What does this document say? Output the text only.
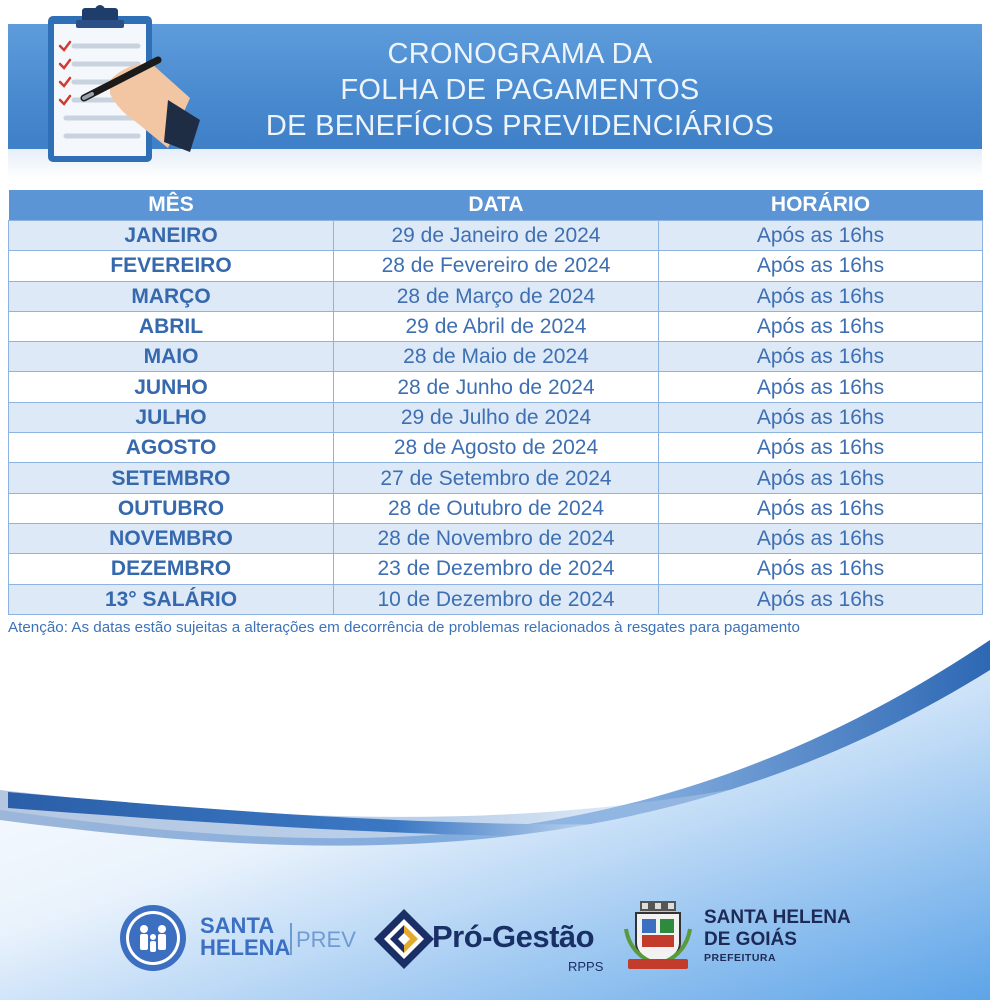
CRONOGRAMA DA
FOLHA DE PAGAMENTOS
DE BENEFÍCIOS PREVIDENCIÁRIOS
MÊS	DATA	HORÁRIO
JANEIRO	29 de Janeiro de 2024	Após as 16hs
FEVEREIRO	28 de Fevereiro de 2024	Após as 16hs
MARÇO	28 de Março de 2024	Após as 16hs
ABRIL	29 de Abril de 2024	Após as 16hs
MAIO	28 de Maio de 2024	Após as 16hs
JUNHO	28 de Junho de 2024	Após as 16hs
JULHO	29 de Julho de 2024	Após as 16hs
AGOSTO	28 de Agosto de 2024	Após as 16hs
SETEMBRO	27 de Setembro de 2024	Após as 16hs
OUTUBRO	28 de Outubro de 2024	Após as 16hs
NOVEMBRO	28 de Novembro de 2024	Após as 16hs
DEZEMBRO	23 de Dezembro de 2024	Após as 16hs
13° SALÁRIO	10 de Dezembro de 2024	Após as 16hs
Atenção: As datas estão sujeitas a alterações em decorrência de problemas relacionados à resgates para pagamento
SANTA
HELENA PREV Pró-Gestão
RPPS
SANTA HELENA
DE GOIÁS
PREFEITURA
